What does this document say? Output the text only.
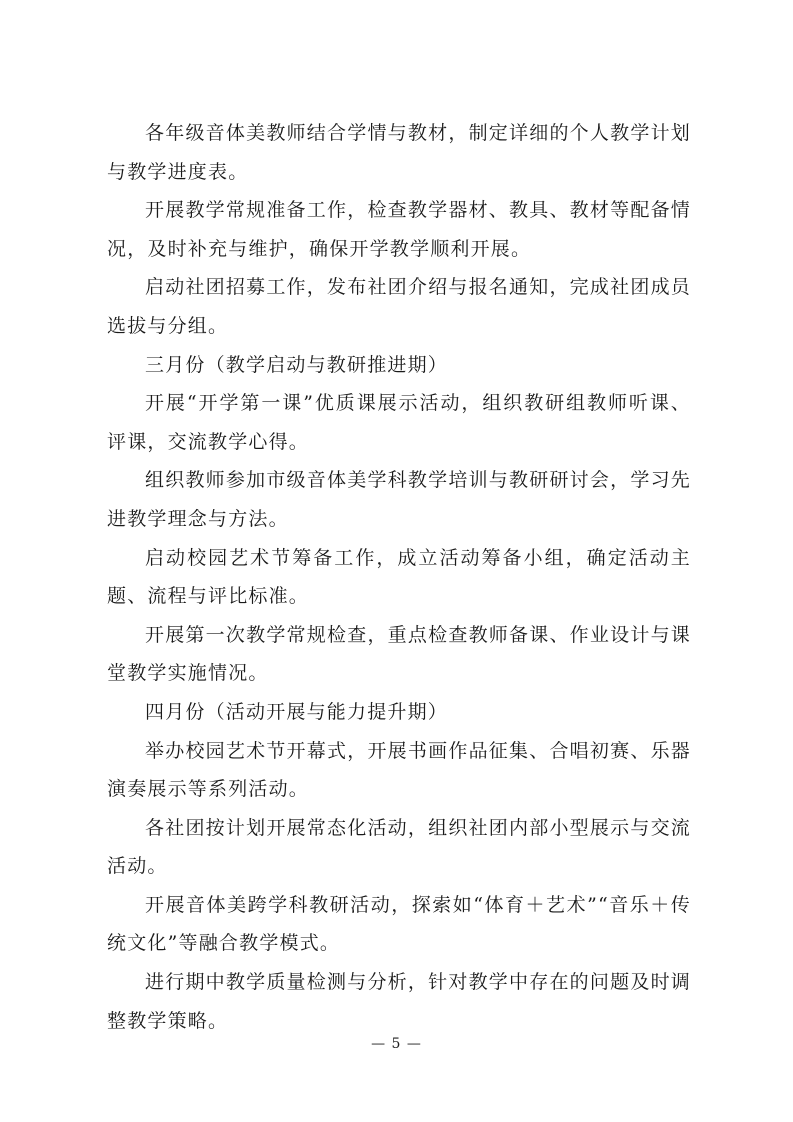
各年级音体美教师结合学情与教材，制定详细的个人教学计划与教学进度表。

开展教学常规准备工作，检查教学器材、教具、教材等配备情况，及时补充与维护，确保开学教学顺利开展。

启动社团招募工作，发布社团介绍与报名通知，完成社团成员选拔与分组。

三月份（教学启动与教研推进期）

开展“开学第一课”优质课展示活动，组织教研组教师听课、评课，交流教学心得。

组织教师参加市级音体美学科教学培训与教研研讨会，学习先进教学理念与方法。

启动校园艺术节筹备工作，成立活动筹备小组，确定活动主题、流程与评比标准。

开展第一次教学常规检查，重点检查教师备课、作业设计与课堂教学实施情况。

四月份（活动开展与能力提升期）

举办校园艺术节开幕式，开展书画作品征集、合唱初赛、乐器演奏展示等系列活动。

各社团按计划开展常态化活动，组织社团内部小型展示与交流活动。

开展音体美跨学科教研活动，探索如“体育＋艺术”“音乐＋传统文化”等融合教学模式。

进行期中教学质量检测与分析，针对教学中存在的问题及时调整教学策略。

— 5 —
